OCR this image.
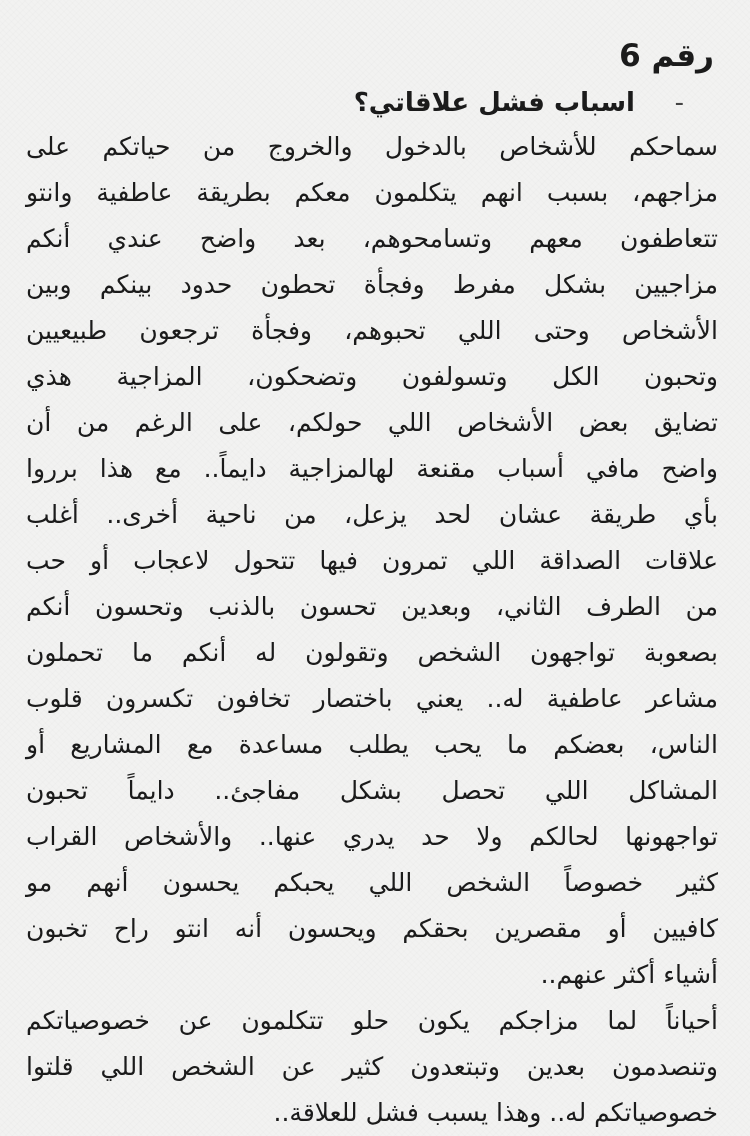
رقم 6
- اسباب فشل علاقاتي؟
سماحكم للأشخاص بالدخول والخروج من حياتكم على
مزاجهم، بسبب انهم يتكلمون معكم بطريقة عاطفية وانتو
تتعاطفون معهم وتسامحوهم، بعد واضح عندي أنكم
مزاجيين بشكل مفرط وفجأة تحطون حدود بينكم وبين
الأشخاص وحتى اللي تحبوهم، وفجأة ترجعون طبيعيين
وتحبون الكل وتسولفون وتضحكون، المزاجية هذي
تضايق بعض الأشخاص اللي حولكم، على الرغم من أن
واضح مافي أسباب مقنعة لهالمزاجية دايماً.. مع هذا برروا
بأي طريقة عشان لحد يزعل، من ناحية أخرى.. أغلب
علاقات الصداقة اللي تمرون فيها تتحول لاعجاب أو حب
من الطرف الثاني، وبعدين تحسون بالذنب وتحسون أنكم
بصعوبة تواجهون الشخص وتقولون له أنكم ما تحملون
مشاعر عاطفية له.. يعني باختصار تخافون تكسرون قلوب
الناس، بعضكم ما يحب يطلب مساعدة مع المشاريع أو
المشاكل اللي تحصل بشكل مفاجئ.. دايماً تحبون
تواجهونها لحالكم ولا حد يدري عنها.. والأشخاص القراب
كثير خصوصاً الشخص اللي يحبكم يحسون أنهم مو
كافيين أو مقصرين بحقكم ويحسون أنه انتو راح تخبون
أشياء أكثر عنهم..
أحياناً لما مزاجكم يكون حلو تتكلمون عن خصوصياتكم
وتنصدمون بعدين وتبتعدون كثير عن الشخص اللي قلتوا
خصوصياتكم له.. وهذا يسبب فشل للعلاقة..
